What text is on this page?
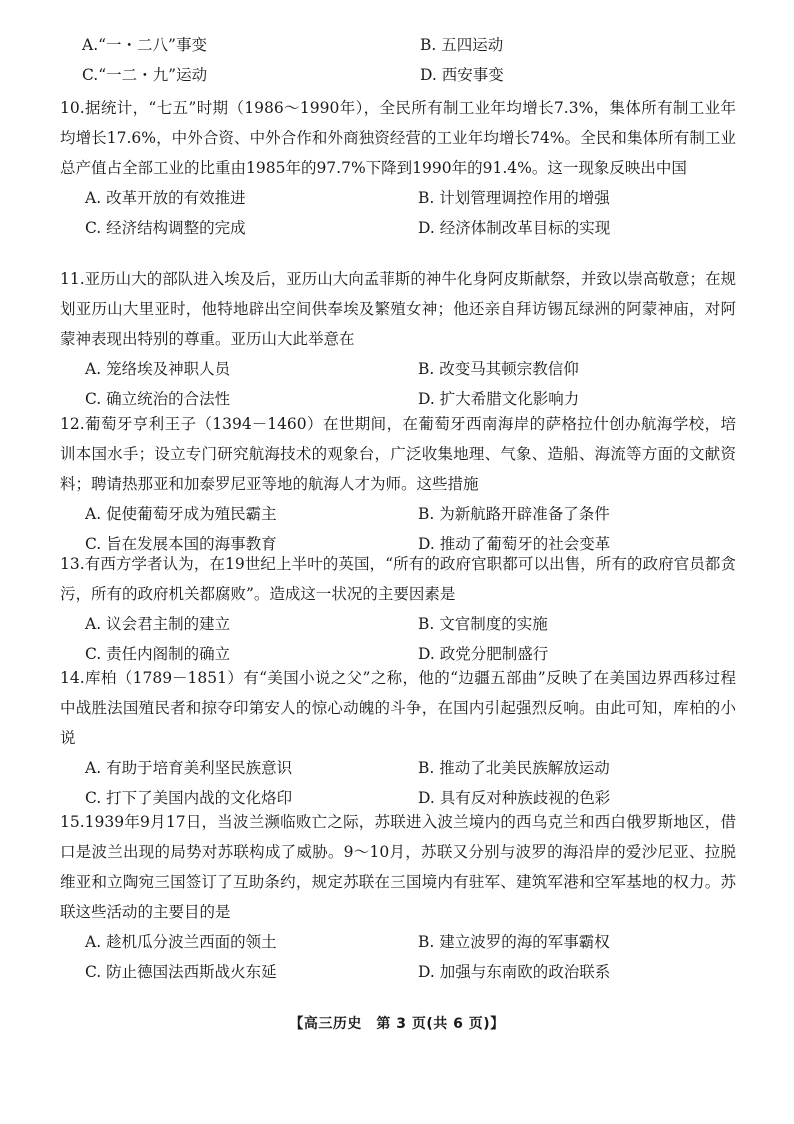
A.“一・二八”事变	B. 五四运动
C.“一二・九”运动	D. 西安事变
10.据统计，“七五”时期（1986～1990年），全民所有制工业年均增长7.3%，集体所有制工业年均增长17.6%，中外合资、中外合作和外商独资经营的工业年均增长74%。全民和集体所有制工业总产值占全部工业的比重由1985年的97.7%下降到1990年的91.4%。这一现象反映出中国
A. 改革开放的有效推进	B. 计划管理调控作用的增强
C. 经济结构调整的完成	D. 经济体制改革目标的实现
11.亚历山大的部队进入埃及后，亚历山大向孟菲斯的神牛化身阿皮斯献祭，并致以崇高敬意；在规划亚历山大里亚时，他特地辟出空间供奉埃及繁殖女神；他还亲自拜访锡瓦绿洲的阿蒙神庙，对阿蒙神表现出特别的尊重。亚历山大此举意在
A. 笼络埃及神职人员	B. 改变马其顿宗教信仰
C. 确立统治的合法性	D. 扩大希腊文化影响力
12.葡萄牙亨利王子（1394－1460）在世期间，在葡萄牙西南海岸的萨格拉什创办航海学校，培训本国水手；设立专门研究航海技术的观象台，广泛收集地理、气象、造船、海流等方面的文献资料；聘请热那亚和加泰罗尼亚等地的航海人才为师。这些措施
A. 促使葡萄牙成为殖民霸主	B. 为新航路开辟准备了条件
C. 旨在发展本国的海事教育	D. 推动了葡萄牙的社会变革
13.有西方学者认为，在19世纪上半叶的英国，“所有的政府官职都可以出售，所有的政府官员都贪污，所有的政府机关都腐败”。造成这一状况的主要因素是
A. 议会君主制的建立	B. 文官制度的实施
C. 责任内阁制的确立	D. 政党分肥制盛行
14.库柏（1789－1851）有“美国小说之父”之称，他的“边疆五部曲”反映了在美国边界西移过程中战胜法国殖民者和掠夺印第安人的惊心动魄的斗争，在国内引起强烈反响。由此可知，库柏的小说
A. 有助于培育美利坚民族意识	B. 推动了北美民族解放运动
C. 打下了美国内战的文化烙印	D. 具有反对种族歧视的色彩
15.1939年9月17日，当波兰濒临败亡之际，苏联进入波兰境内的西乌克兰和西白俄罗斯地区，借口是波兰出现的局势对苏联构成了威胁。9～10月，苏联又分别与波罗的海沿岸的爱沙尼亚、拉脱维亚和立陶宛三国签订了互助条约，规定苏联在三国境内有驻军、建筑军港和空军基地的权力。苏联这些活动的主要目的是
A. 趁机瓜分波兰西面的领土	B. 建立波罗的海的军事霸权
C. 防止德国法西斯战火东延	D. 加强与东南欧的政治联系
【高三历史　第 3 页(共 6 页)】
